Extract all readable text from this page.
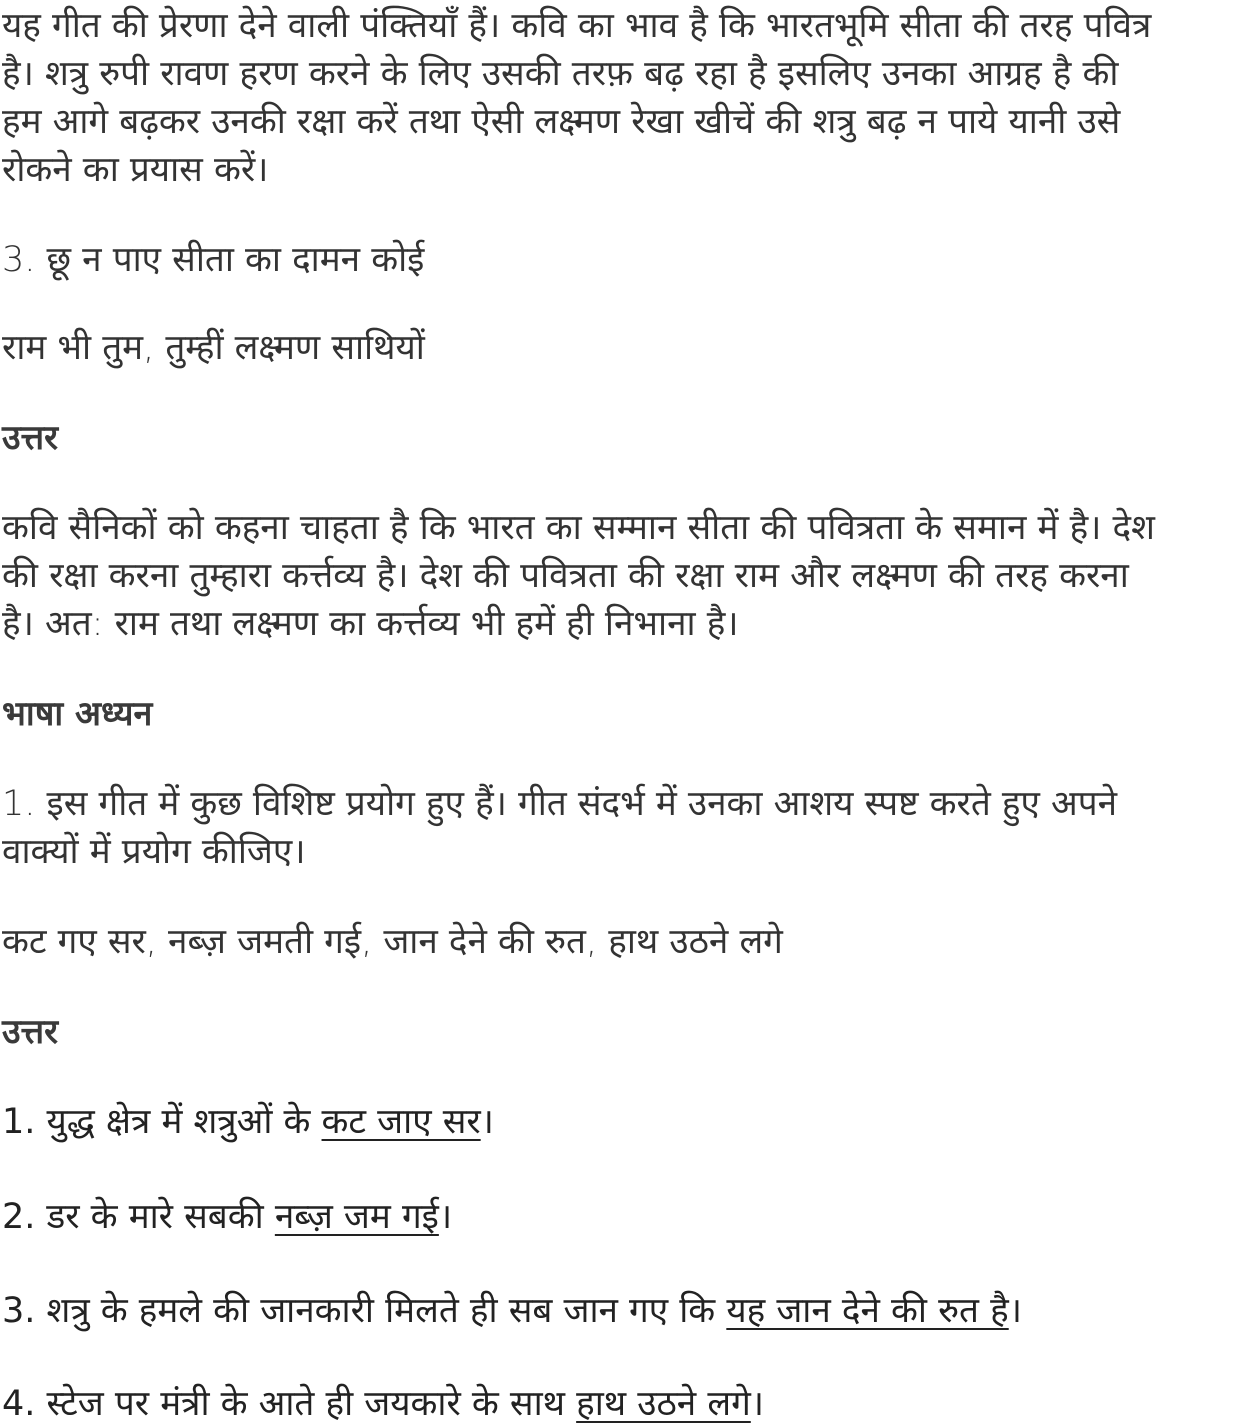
यह गीत की प्रेरणा देने वाली पंक्तियाँ हैं। कवि का भाव है कि भारतभूमि सीता की तरह पवित्र
है। शत्रु रुपी रावण हरण करने के लिए उसकी तरफ़ बढ़ रहा है इसलिए उनका आग्रह है की
हम आगे बढ़कर उनकी रक्षा करें तथा ऐसी लक्ष्मण रेखा खीचें की शत्रु बढ़ न पाये यानी उसे
रोकने का प्रयास करें।

3. छू न पाए सीता का दामन कोई

राम भी तुम, तुम्हीं लक्ष्मण साथियों

उत्तर

कवि सैनिकों को कहना चाहता है कि भारत का सम्मान सीता की पवित्रता के समान में है। देश
की रक्षा करना तुम्हारा कर्त्तव्य है। देश की पवित्रता की रक्षा राम और लक्ष्मण की तरह करना
है। अत: राम तथा लक्ष्मण का कर्त्तव्य भी हमें ही निभाना है।

भाषा अध्यन

1. इस गीत में कुछ विशिष्ट प्रयोग हुए हैं। गीत संदर्भ में उनका आशय स्पष्ट करते हुए अपने
वाक्यों में प्रयोग कीजिए।

कट गए सर, नब्ज़ जमती गई, जान देने की रुत, हाथ उठने लगे

उत्तर

1. युद्ध क्षेत्र में शत्रुओं के कट जाए सर।

2. डर के मारे सबकी नब्ज़ जम गई।

3. शत्रु के हमले की जानकारी मिलते ही सब जान गए कि यह जान देने की रुत है।

4. स्टेज पर मंत्री के आते ही जयकारे के साथ हाथ उठने लगे।
